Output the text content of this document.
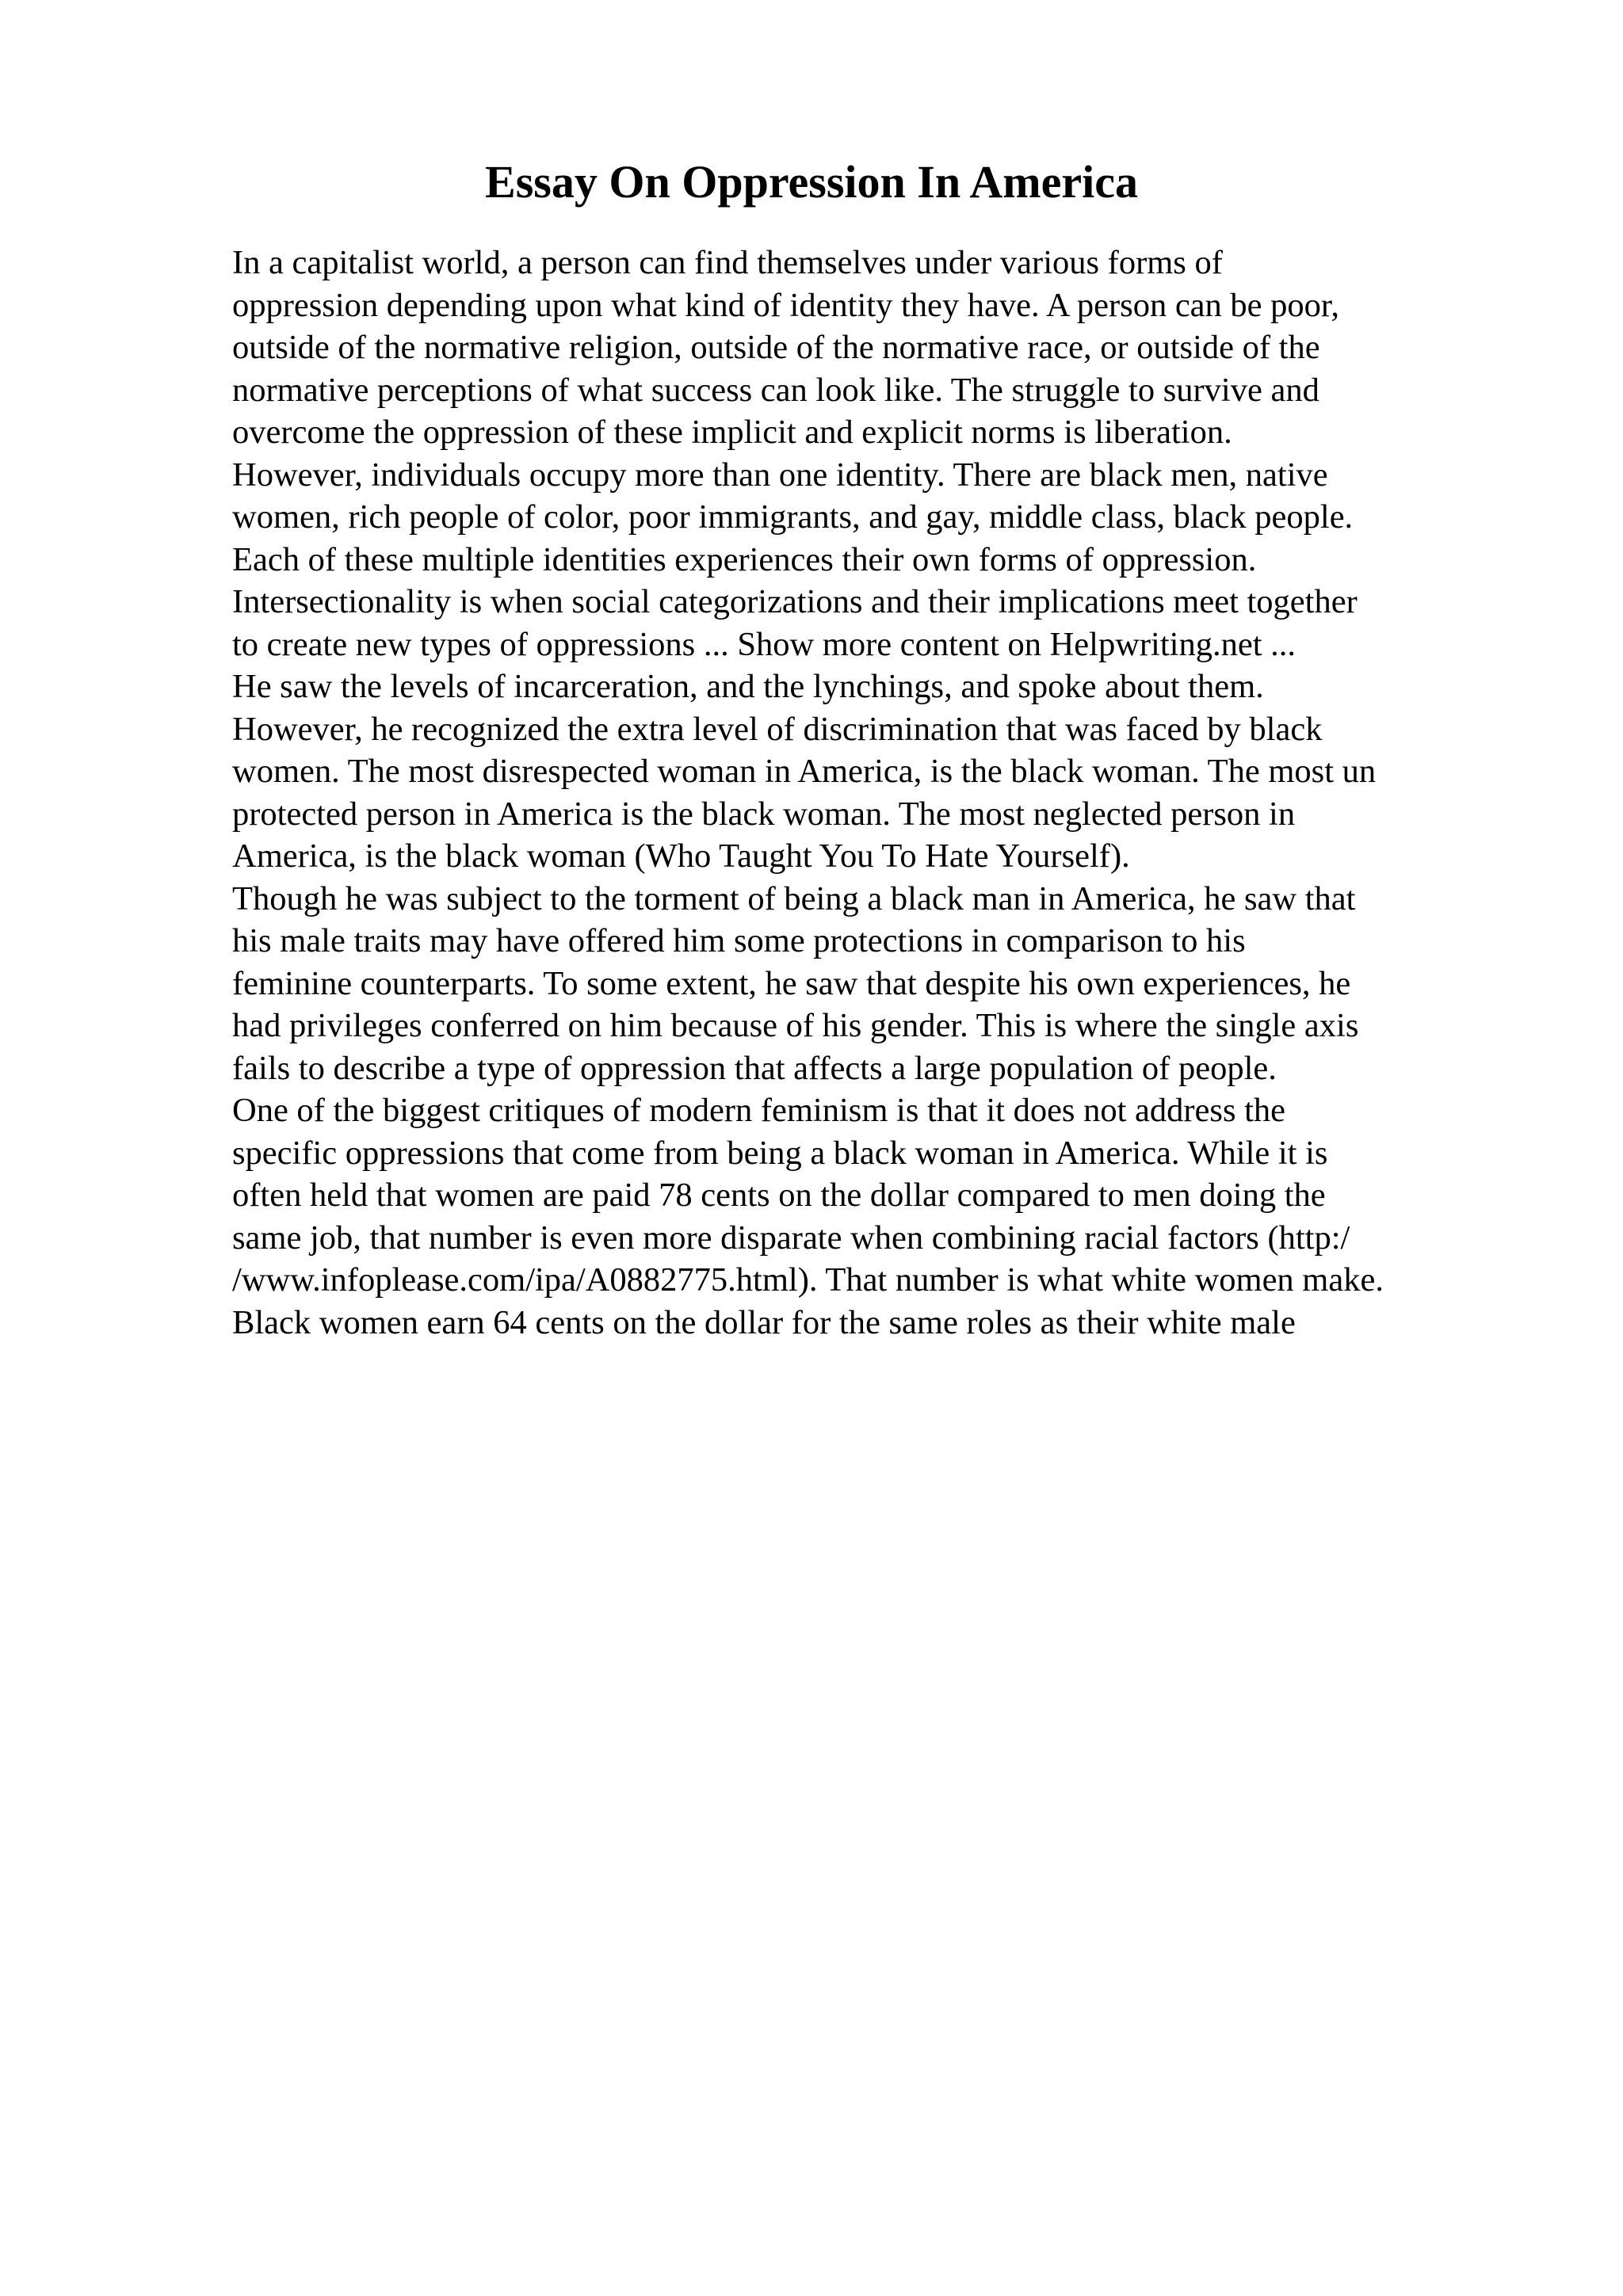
Essay On Oppression In America
In a capitalist world, a person can find themselves under various forms of
oppression depending upon what kind of identity they have. A person can be poor,
outside of the normative religion, outside of the normative race, or outside of the
normative perceptions of what success can look like. The struggle to survive and
overcome the oppression of these implicit and explicit norms is liberation.
However, individuals occupy more than one identity. There are black men, native
women, rich people of color, poor immigrants, and gay, middle class, black people.
Each of these multiple identities experiences their own forms of oppression.
Intersectionality is when social categorizations and their implications meet together
to create new types of oppressions ... Show more content on Helpwriting.net ...
He saw the levels of incarceration, and the lynchings, and spoke about them.
However, he recognized the extra level of discrimination that was faced by black
women. The most disrespected woman in America, is the black woman. The most un
protected person in America is the black woman. The most neglected person in
America, is the black woman (Who Taught You To Hate Yourself).
Though he was subject to the torment of being a black man in America, he saw that
his male traits may have offered him some protections in comparison to his
feminine counterparts. To some extent, he saw that despite his own experiences, he
had privileges conferred on him because of his gender. This is where the single axis
fails to describe a type of oppression that affects a large population of people.
One of the biggest critiques of modern feminism is that it does not address the
specific oppressions that come from being a black woman in America. While it is
often held that women are paid 78 cents on the dollar compared to men doing the
same job, that number is even more disparate when combining racial factors (http:/
/www.infoplease.com/ipa/A0882775.html). That number is what white women make.
Black women earn 64 cents on the dollar for the same roles as their white male
